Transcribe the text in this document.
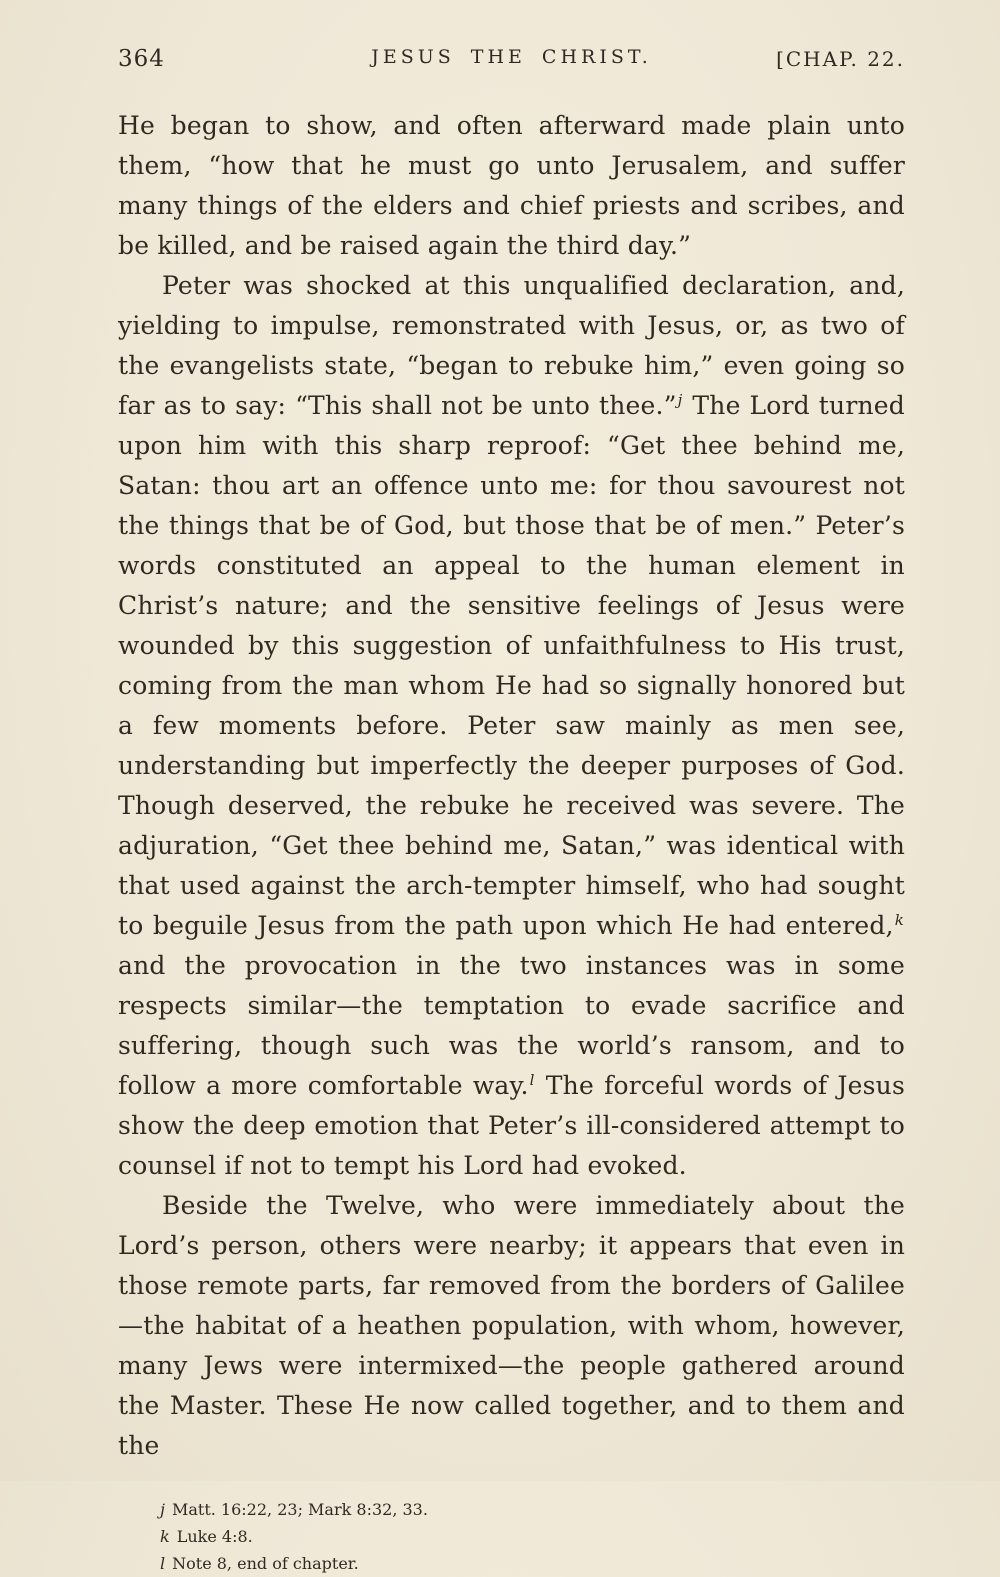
364	JESUS THE CHRIST.	[CHAP. 22.

He began to show, and often afterward made plain unto them, “how that he must go unto Jerusalem, and suffer many things of the elders and chief priests and scribes, and be killed, and be raised again the third day.”

Peter was shocked at this unqualified declaration, and, yielding to impulse, remonstrated with Jesus, or, as two of the evangelists state, “began to rebuke him,” even going so far as to say: “This shall not be unto thee.”$^j$ The Lord turned upon him with this sharp reproof: “Get thee behind me, Satan: thou art an offence unto me: for thou savourest not the things that be of God, but those that be of men.” Peter’s words constituted an appeal to the human element in Christ’s nature; and the sensitive feelings of Jesus were wounded by this suggestion of unfaithfulness to His trust, coming from the man whom He had so signally honored but a few moments before. Peter saw mainly as men see, understanding but imperfectly the deeper purposes of God. Though deserved, the rebuke he received was severe. The adjuration, “Get thee behind me, Satan,” was identical with that used against the arch-tempter himself, who had sought to beguile Jesus from the path upon which He had entered,$^k$ and the provocation in the two instances was in some respects similar—the temptation to evade sacrifice and suffering, though such was the world’s ransom, and to follow a more comfortable way.$^l$ The forceful words of Jesus show the deep emotion that Peter’s ill-considered attempt to counsel if not to tempt his Lord had evoked.

Beside the Twelve, who were immediately about the Lord’s person, others were nearby; it appears that even in those remote parts, far removed from the borders of Galilee—the habitat of a heathen population, with whom, however, many Jews were intermixed—the people gathered around the Master. These He now called together, and to them and the

j Matt. 16:22, 23; Mark 8:32, 33.
k Luke 4:8.
l Note 8, end of chapter.
